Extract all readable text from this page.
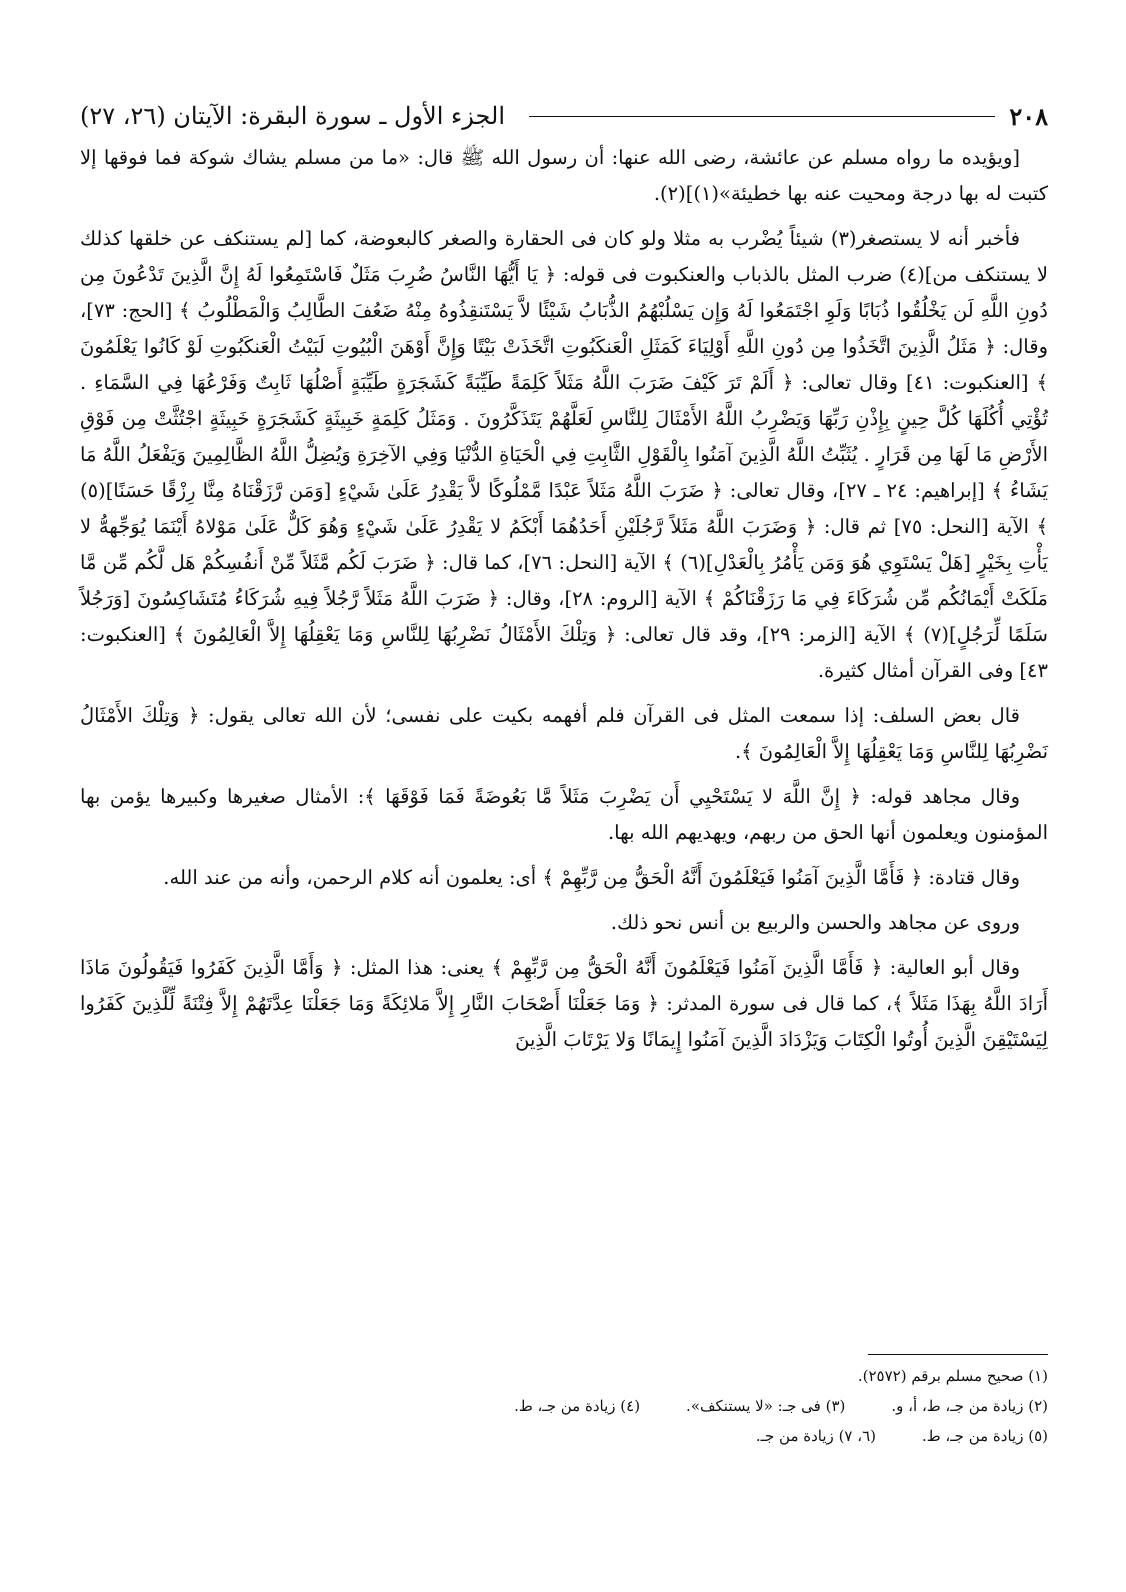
٢٠٨
الجزء الأول ـ سورة البقرة: الآيتان (٢٦، ٢٧)

[ويؤيده ما رواه مسلم عن عائشة، رضى الله عنها: أن رسول الله ﷺ قال: «ما من مسلم يشاك شوكة فما فوقها إلا كتبت له بها درجة ومحيت عنه بها خطيئة»(١)](٢).

فأخبر أنه لا يستصغر(٣) شيئاً يُضْرب به مثلا ولو كان فى الحقارة والصغر كالبعوضة، كما [لم يستنكف عن خلقها كذلك لا يستنكف من](٤) ضرب المثل بالذباب والعنكبوت فى قوله: ﴿ يَا أَيُّهَا النَّاسُ ضُرِبَ مَثَلٌ فَاسْتَمِعُوا لَهُ إِنَّ الَّذِينَ تَدْعُونَ مِن دُونِ اللَّهِ لَن يَخْلُقُوا ذُبَابًا وَلَوِ اجْتَمَعُوا لَهُ وَإِن يَسْلُبْهُمُ الذُّبَابُ شَيْئًا لاَّ يَسْتَنقِذُوهُ مِنْهُ ضَعُفَ الطَّالِبُ وَالْمَطْلُوبُ ﴾ [الحج: ٧٣]، وقال: ﴿ مَثَلُ الَّذِينَ اتَّخَذُوا مِن دُونِ اللَّهِ أَوْلِيَاءَ كَمَثَلِ الْعَنكَبُوتِ اتَّخَذَتْ بَيْتًا وَإِنَّ أَوْهَنَ الْبُيُوتِ لَبَيْتُ الْعَنكَبُوتِ لَوْ كَانُوا يَعْلَمُونَ ﴾ [العنكبوت: ٤١] وقال تعالى: ﴿ أَلَمْ تَرَ كَيْفَ ضَرَبَ اللَّهُ مَثَلاً كَلِمَةً طَيِّبَةً كَشَجَرَةٍ طَيِّبَةٍ أَصْلُهَا ثَابِتٌ وَفَرْعُهَا فِي السَّمَاءِ . تُؤْتِي أُكُلَهَا كُلَّ حِينٍ بِإِذْنِ رَبِّهَا وَيَضْرِبُ اللَّهُ الأَمْثَالَ لِلنَّاسِ لَعَلَّهُمْ يَتَذَكَّرُونَ . وَمَثَلُ كَلِمَةٍ خَبِيثَةٍ كَشَجَرَةٍ خَبِيثَةٍ اجْتُثَّتْ مِن فَوْقِ الأَرْضِ مَا لَهَا مِن قَرَارٍ . يُثَبِّتُ اللَّهُ الَّذِينَ آمَنُوا بِالْقَوْلِ الثَّابِتِ فِي الْحَيَاةِ الدُّنْيَا وَفِي الآخِرَةِ وَيُضِلُّ اللَّهُ الظَّالِمِينَ وَيَفْعَلُ اللَّهُ مَا يَشَاءُ ﴾ [إبراهيم: ٢٤ ـ ٢٧]، وقال تعالى: ﴿ ضَرَبَ اللَّهُ مَثَلاً عَبْدًا مَّمْلُوكًا لاَّ يَقْدِرُ عَلَىٰ شَيْءٍ [وَمَن رَّزَقْنَاهُ مِنَّا رِزْقًا حَسَنًا](٥) ﴾ الآية [النحل: ٧٥] ثم قال: ﴿ وَضَرَبَ اللَّهُ مَثَلاً رَّجُلَيْنِ أَحَدُهُمَا أَبْكَمُ لا يَقْدِرُ عَلَىٰ شَيْءٍ وَهُوَ كَلٌّ عَلَىٰ مَوْلاهُ أَيْنَمَا يُوَجِّههُّ لا يَأْتِ بِخَيْرٍ [هَلْ يَسْتَوِي هُوَ وَمَن يَأْمُرُ بِالْعَدْلِ](٦) ﴾ الآية [النحل: ٧٦]، كما قال: ﴿ ضَرَبَ لَكُم مَّثَلاً مِّنْ أَنفُسِكُمْ هَل لَّكُم مِّن مَّا مَلَكَتْ أَيْمَانُكُم مِّن شُرَكَاءَ فِي مَا رَزَقْنَاكُمْ ﴾ الآية [الروم: ٢٨]، وقال: ﴿ ضَرَبَ اللَّهُ مَثَلاً رَّجُلاً فِيهِ شُرَكَاءُ مُتَشَاكِسُونَ [وَرَجُلاً سَلَمًا لِّرَجُلٍ](٧) ﴾ الآية [الزمر: ٢٩]، وقد قال تعالى: ﴿ وَتِلْكَ الأَمْثَالُ نَضْرِبُهَا لِلنَّاسِ وَمَا يَعْقِلُهَا إِلاَّ الْعَالِمُونَ ﴾ [العنكبوت: ٤٣] وفى القرآن أمثال كثيرة.

قال بعض السلف: إذا سمعت المثل فى القرآن فلم أفهمه بكيت على نفسى؛ لأن الله تعالى يقول: ﴿ وَتِلْكَ الأَمْثَالُ نَضْرِبُهَا لِلنَّاسِ وَمَا يَعْقِلُهَا إِلاَّ الْعَالِمُونَ ﴾.

وقال مجاهد قوله: ﴿ إِنَّ اللَّهَ لا يَسْتَحْيِي أَن يَضْرِبَ مَثَلاً مَّا بَعُوضَةً فَمَا فَوْقَهَا ﴾: الأمثال صغيرها وكبيرها يؤمن بها المؤمنون ويعلمون أنها الحق من ربهم، ويهديهم الله بها.

وقال قتادة: ﴿ فَأَمَّا الَّذِينَ آمَنُوا فَيَعْلَمُونَ أَنَّهُ الْحَقُّ مِن رَّبِّهِمْ ﴾ أى: يعلمون أنه كلام الرحمن، وأنه من عند الله.

وروى عن مجاهد والحسن والربيع بن أنس نحو ذلك.

وقال أبو العالية: ﴿ فَأَمَّا الَّذِينَ آمَنُوا فَيَعْلَمُونَ أَنَّهُ الْحَقُّ مِن رَّبِّهِمْ ﴾ يعنى: هذا المثل: ﴿ وَأَمَّا الَّذِينَ كَفَرُوا فَيَقُولُونَ مَاذَا أَرَادَ اللَّهُ بِهَذَا مَثَلاً ﴾، كما قال فى سورة المدثر: ﴿ وَمَا جَعَلْنَا أَصْحَابَ النَّارِ إِلاَّ مَلائِكَةً وَمَا جَعَلْنَا عِدَّتَهُمْ إِلاَّ فِتْنَةً لِّلَّذِينَ كَفَرُوا لِيَسْتَيْقِنَ الَّذِينَ أُوتُوا الْكِتَابَ وَيَزْدَادَ الَّذِينَ آمَنُوا إِيمَانًا وَلا يَرْتَابَ الَّذِينَ

(١) صحيح مسلم برقم (٢٥٧٢).
(٢) زيادة من جـ، ط، أ، و.
(٣) فى جـ: «لا يستنكف».
(٤) زيادة من جـ، ط.
(٥) زيادة من جـ، ط.
(٦، ٧) زيادة من جـ.
